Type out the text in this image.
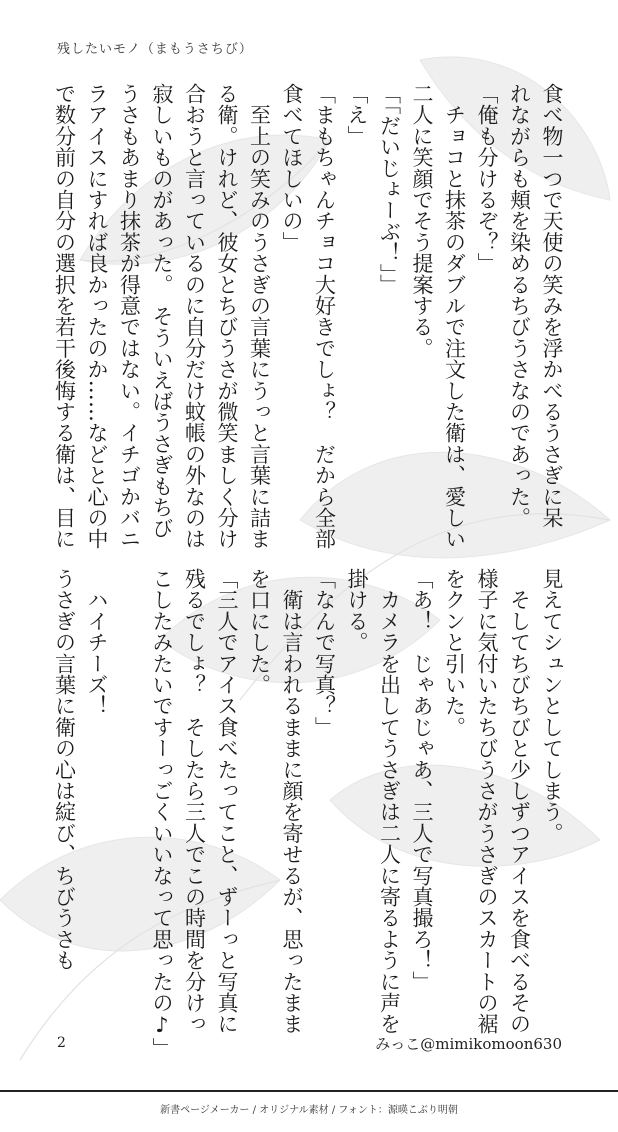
残したいモノ（まもうさちび）
食べ物一つで天使の笑みを浮かべるうさぎに呆
れながらも頬を染めるちびうさなのであった。
「俺も分けるぞ？」
　チョコと抹茶のダブルで注文した衛は、愛しい
二人に笑顔でそう提案する。
「「だいじょーぶ！」」
「え」
「まもちゃんチョコ大好きでしょ？　だから全部
食べてほしいの」
　至上の笑みのうさぎの言葉にうっと言葉に詰ま
る衛。けれど、彼女とちびうさが微笑ましく分け
合おうと言っているのに自分だけ蚊帳の外なのは
寂しいものがあった。　そういえばうさぎもちび
うさもあまり抹茶が得意ではない。イチゴかバニ
ラアイスにすれば良かったのか……などと心の中
で数分前の自分の選択を若干後悔する衛は、目に
見えてシュンとしてしまう。
　そしてちびちびと少しずつアイスを食べるその
様子に気付いたちびうさがうさぎのスカートの裾
をクンと引いた。
「あ！　じゃあじゃあ、三人で写真撮ろ！」
　カメラを出してうさぎは二人に寄るように声を
掛ける。
「なんで写真？」
　衛は言われるままに顔を寄せるが、思ったまま
を口にした。
「三人でアイス食べたってこと、ずーっと写真に
残るでしょ？　そしたら三人でこの時間を分けっ
こしたみたいですーっごくいいなって思ったの♪」
　ハイチーズ！
うさぎの言葉に衛の心は綻び、ちびうさも
2	みっこ@mimikomoon630
新書ページメーカー / オリジナル素材 / フォント：源暎こぶり明朝
